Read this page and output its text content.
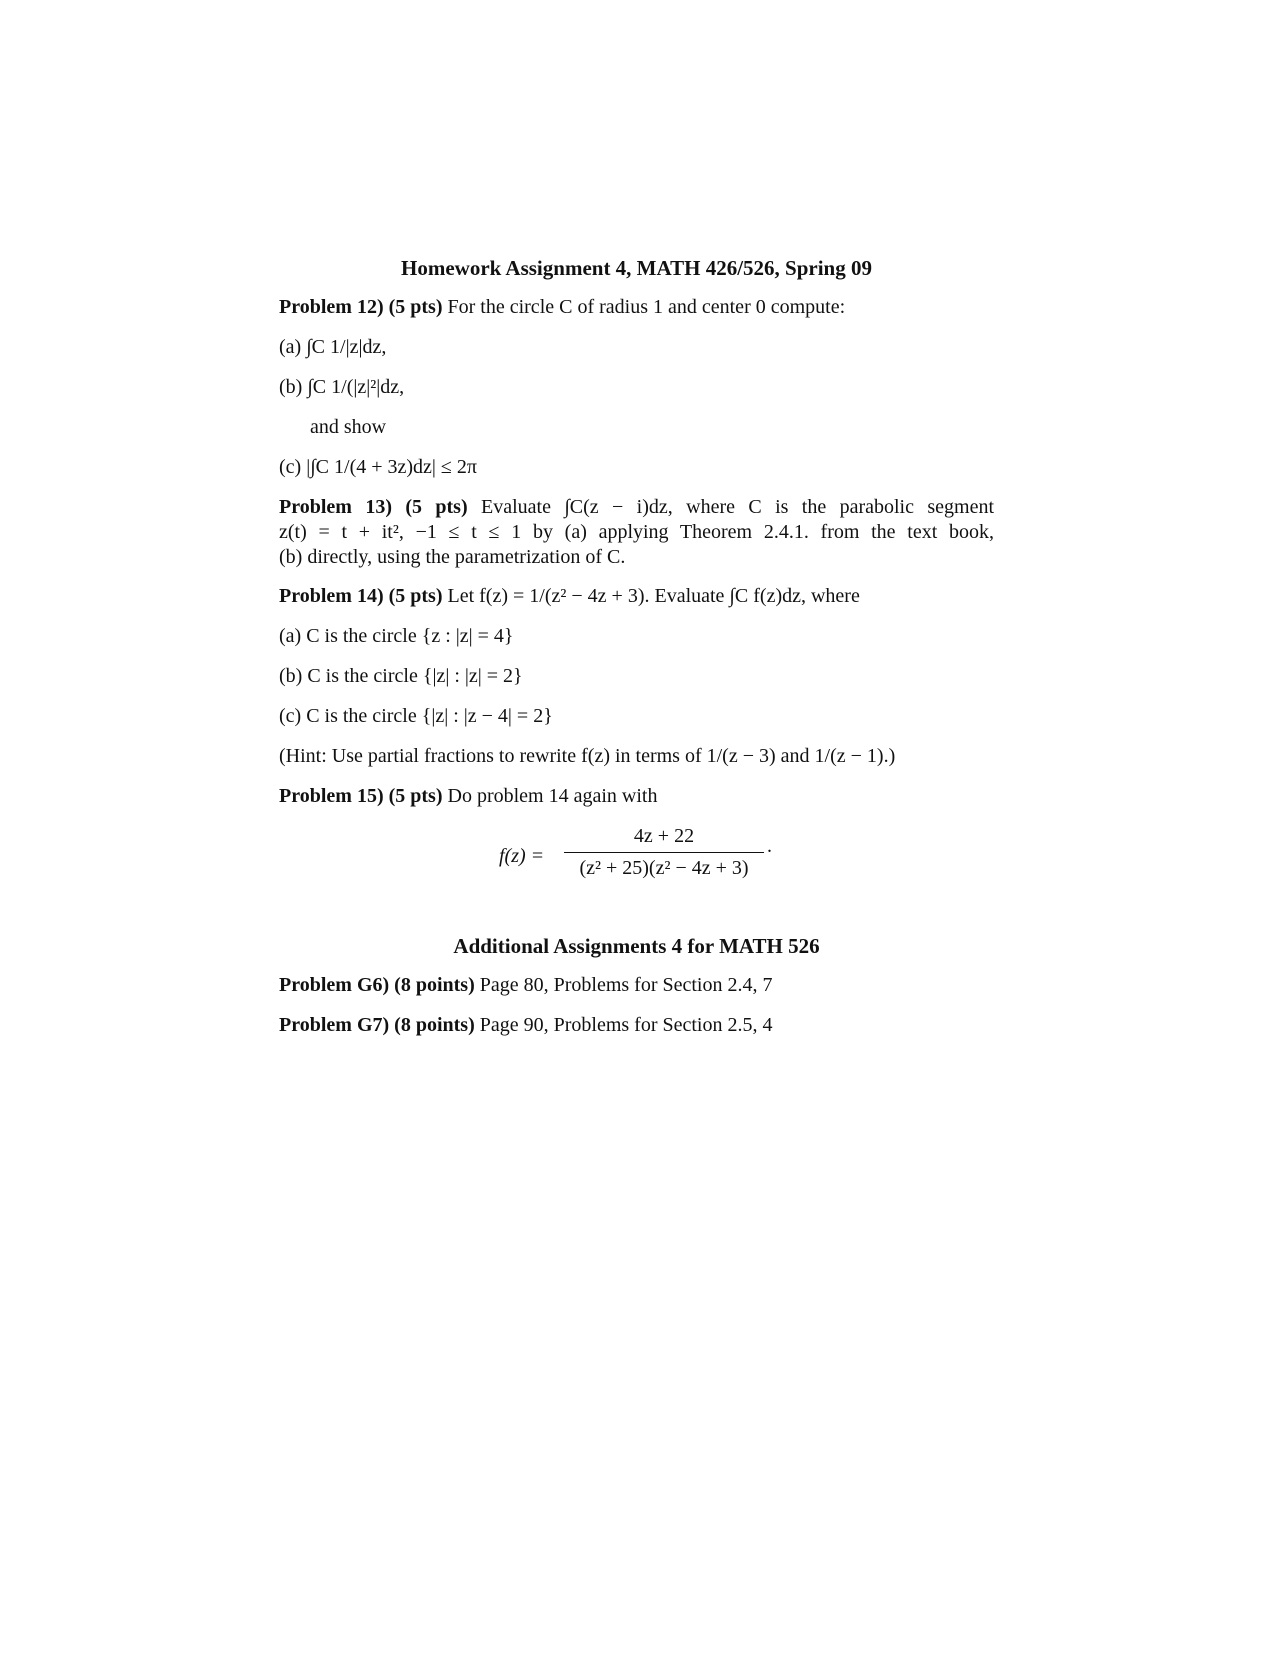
Homework Assignment 4, MATH 426/526, Spring 09
Problem 12) (5 pts) For the circle C of radius 1 and center 0 compute:
(a) ∫C 1/|z|dz,
(b) ∫C 1/(|z|²|dz,
and show
(c) |∫C 1/(4 + 3z)dz| ≤ 2π
Problem 13) (5 pts) Evaluate ∫C(z − i)dz, where C is the parabolic segment
z(t) = t + it², −1 ≤ t ≤ 1 by (a) applying Theorem 2.4.1. from the text book,
(b) directly, using the parametrization of C.
Problem 14) (5 pts) Let f(z) = 1/(z² − 4z + 3). Evaluate ∫C f(z)dz, where
(a) C is the circle {z : |z| = 4}
(b) C is the circle {|z| : |z| = 2}
(c) C is the circle {|z| : |z − 4| = 2}
(Hint: Use partial fractions to rewrite f(z) in terms of 1/(z − 3) and 1/(z − 1).)
Problem 15) (5 pts) Do problem 14 again with
$f(z) = \frac{4z + 22}{\text{(z² + 25)(z² − 4z + 3)}}$ .
Additional Assignments 4 for MATH 526
Problem G6) (8 points) Page 80, Problems for Section 2.4, 7
Problem G7) (8 points) Page 90, Problems for Section 2.5, 4
